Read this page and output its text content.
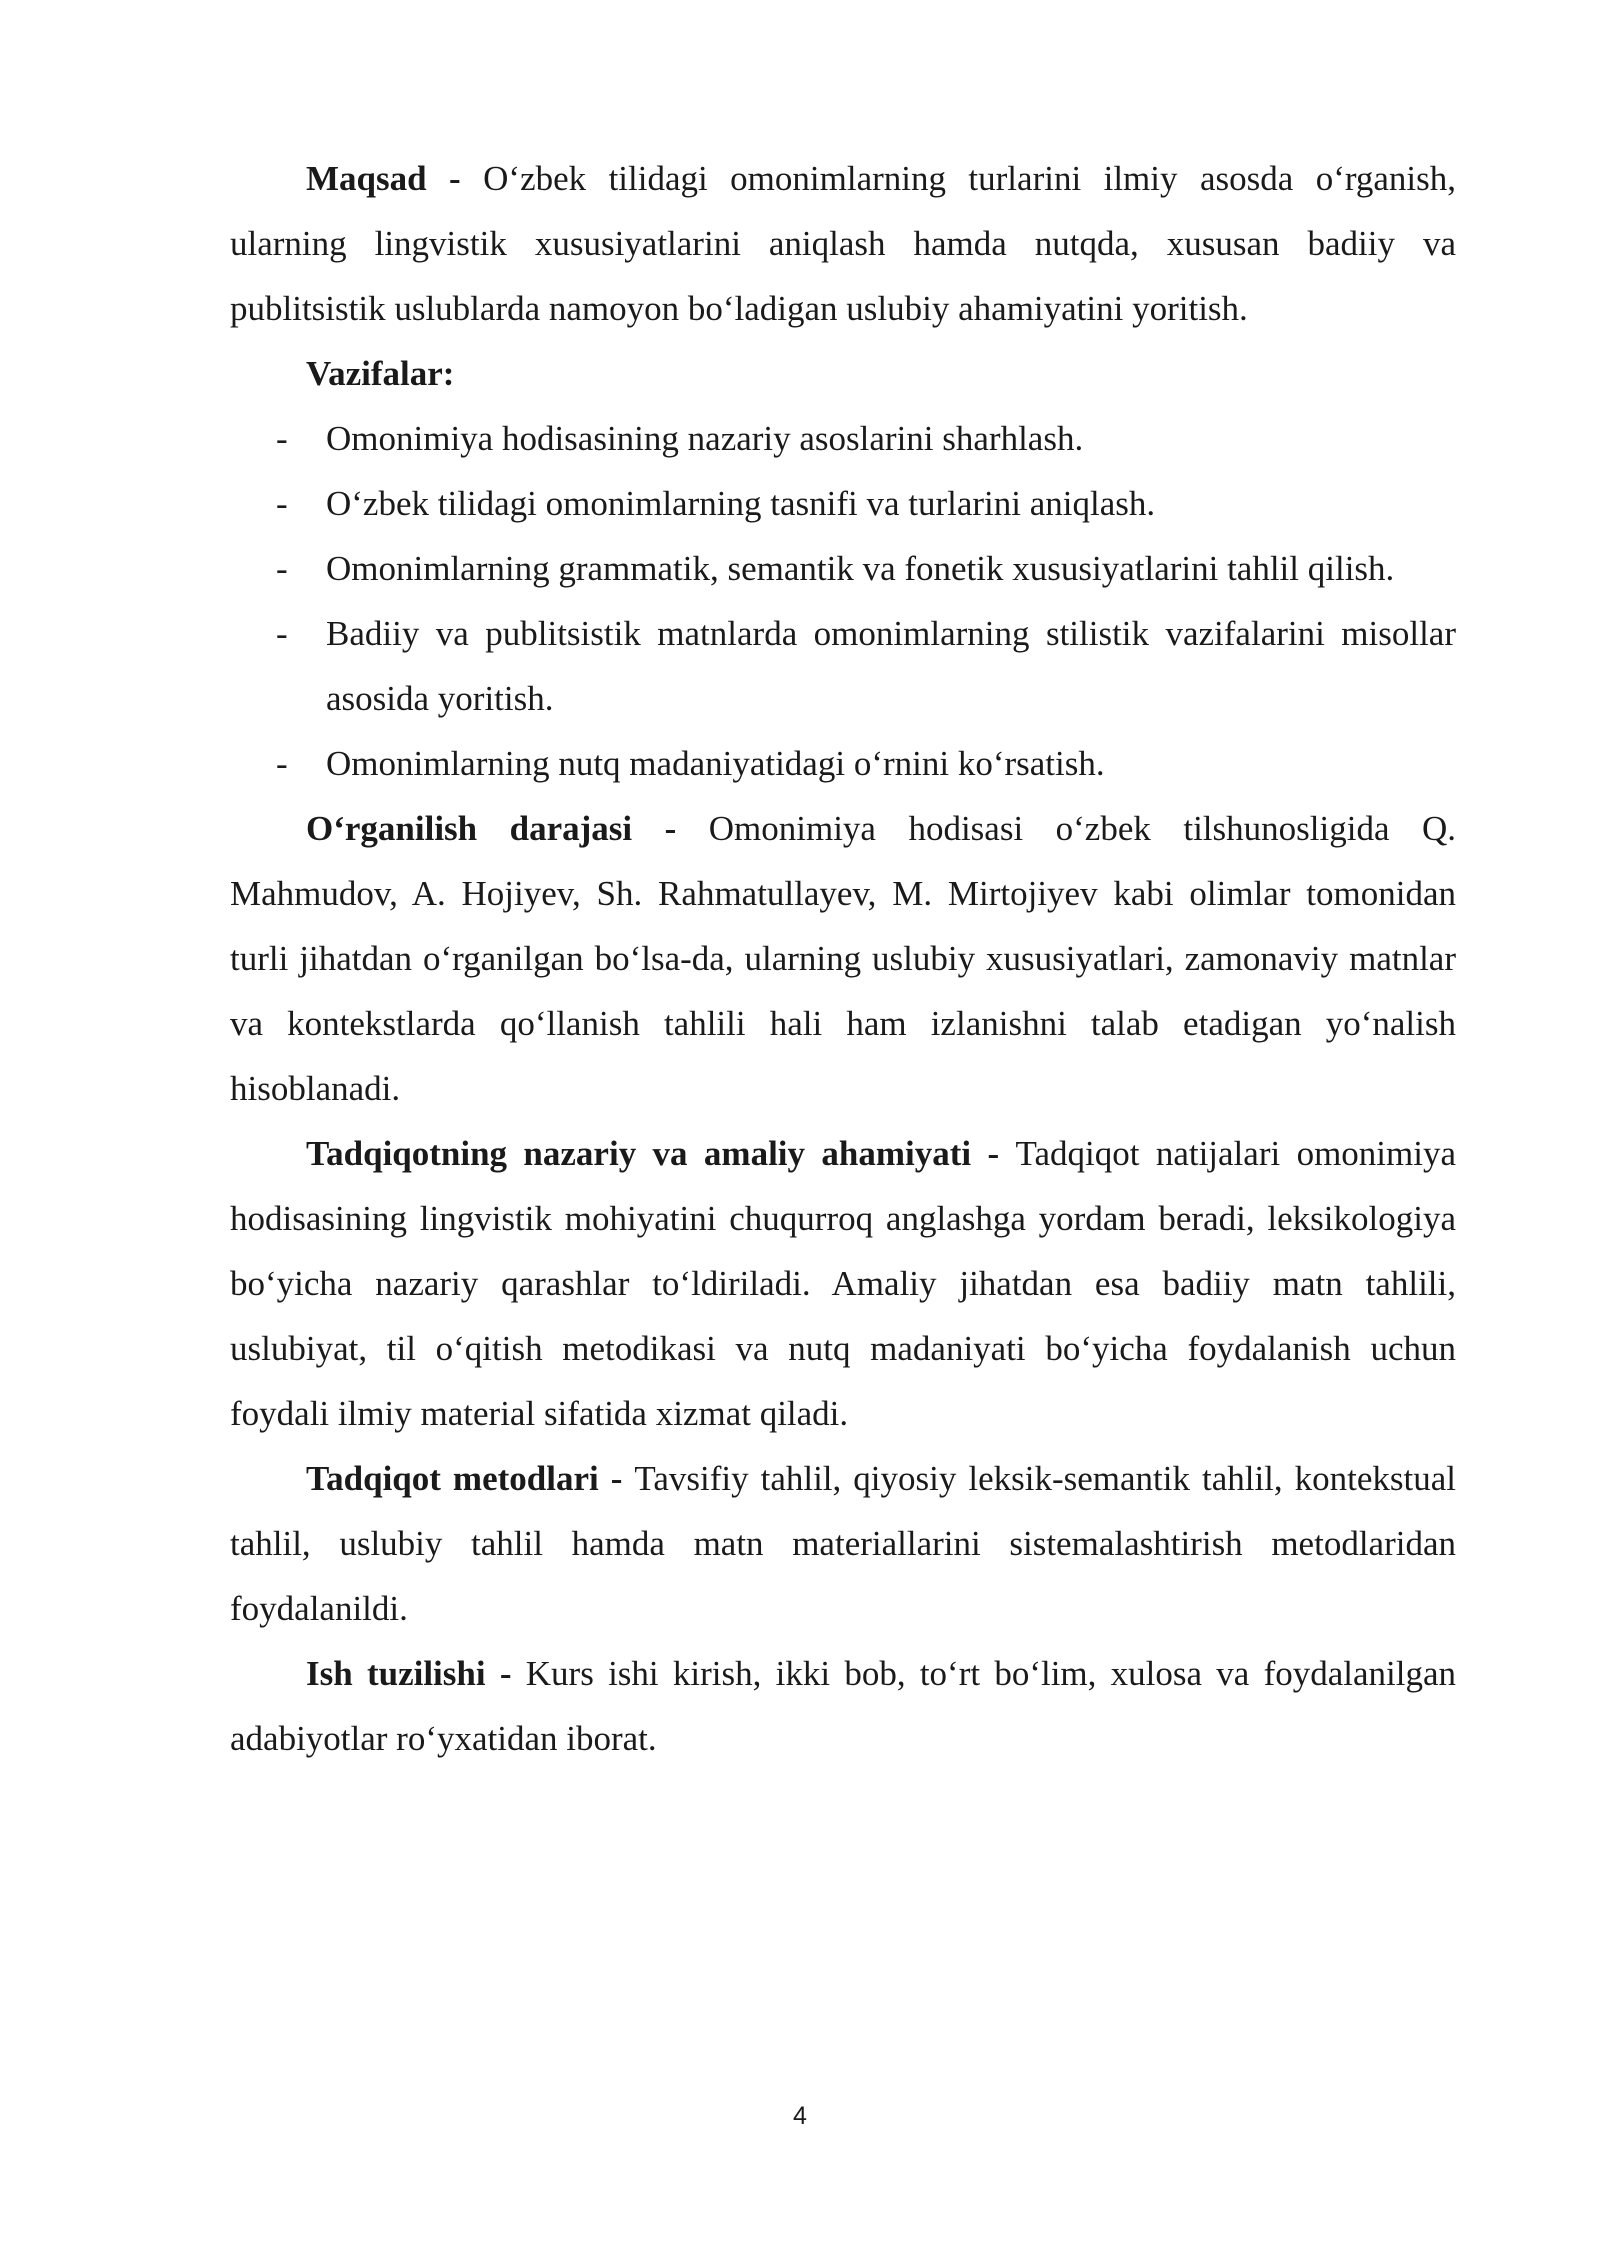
Maqsad - O‘zbek tilidagi omonimlarning turlarini ilmiy asosda o‘rganish, ularning lingvistik xususiyatlarini aniqlash hamda nutqda, xususan badiiy va publitsistik uslublarda namoyon bo‘ladigan uslubiy ahamiyatini yoritish.

Vazifalar:

- Omonimiya hodisasining nazariy asoslarini sharhlash.
- O‘zbek tilidagi omonimlarning tasnifi va turlarini aniqlash.
- Omonimlarning grammatik, semantik va fonetik xususiyatlarini tahlil qilish.
- Badiiy va publitsistik matnlarda omonimlarning stilistik vazifalarini misollar asosida yoritish.
- Omonimlarning nutq madaniyatidagi o‘rnini ko‘rsatish.

O‘rganilish darajasi - Omonimiya hodisasi o‘zbek tilshunosligida Q. Mahmudov, A. Hojiyev, Sh. Rahmatullayev, M. Mirtojiyev kabi olimlar tomonidan turli jihatdan o‘rganilgan bo‘lsa-da, ularning uslubiy xususiyatlari, zamonaviy matnlar va kontekstlarda qo‘llanish tahlili hali ham izlanishni talab etadigan yo‘nalish hisoblanadi.

Tadqiqotning nazariy va amaliy ahamiyati - Tadqiqot natijalari omonimiya hodisasining lingvistik mohiyatini chuqurroq anglashga yordam beradi, leksikologiya bo‘yicha nazariy qarashlar to‘ldiriladi. Amaliy jihatdan esa badiiy matn tahlili, uslubiyat, til o‘qitish metodikasi va nutq madaniyati bo‘yicha foydalanish uchun foydali ilmiy material sifatida xizmat qiladi.

Tadqiqot metodlari - Tavsifiy tahlil, qiyosiy leksik-semantik tahlil, kontekstual tahlil, uslubiy tahlil hamda matn materiallarini sistemalashtirish metodlaridan foydalanildi.

Ish tuzilishi - Kurs ishi kirish, ikki bob, to‘rt bo‘lim, xulosa va foydalanilgan adabiyotlar ro‘yxatidan iborat.

4
